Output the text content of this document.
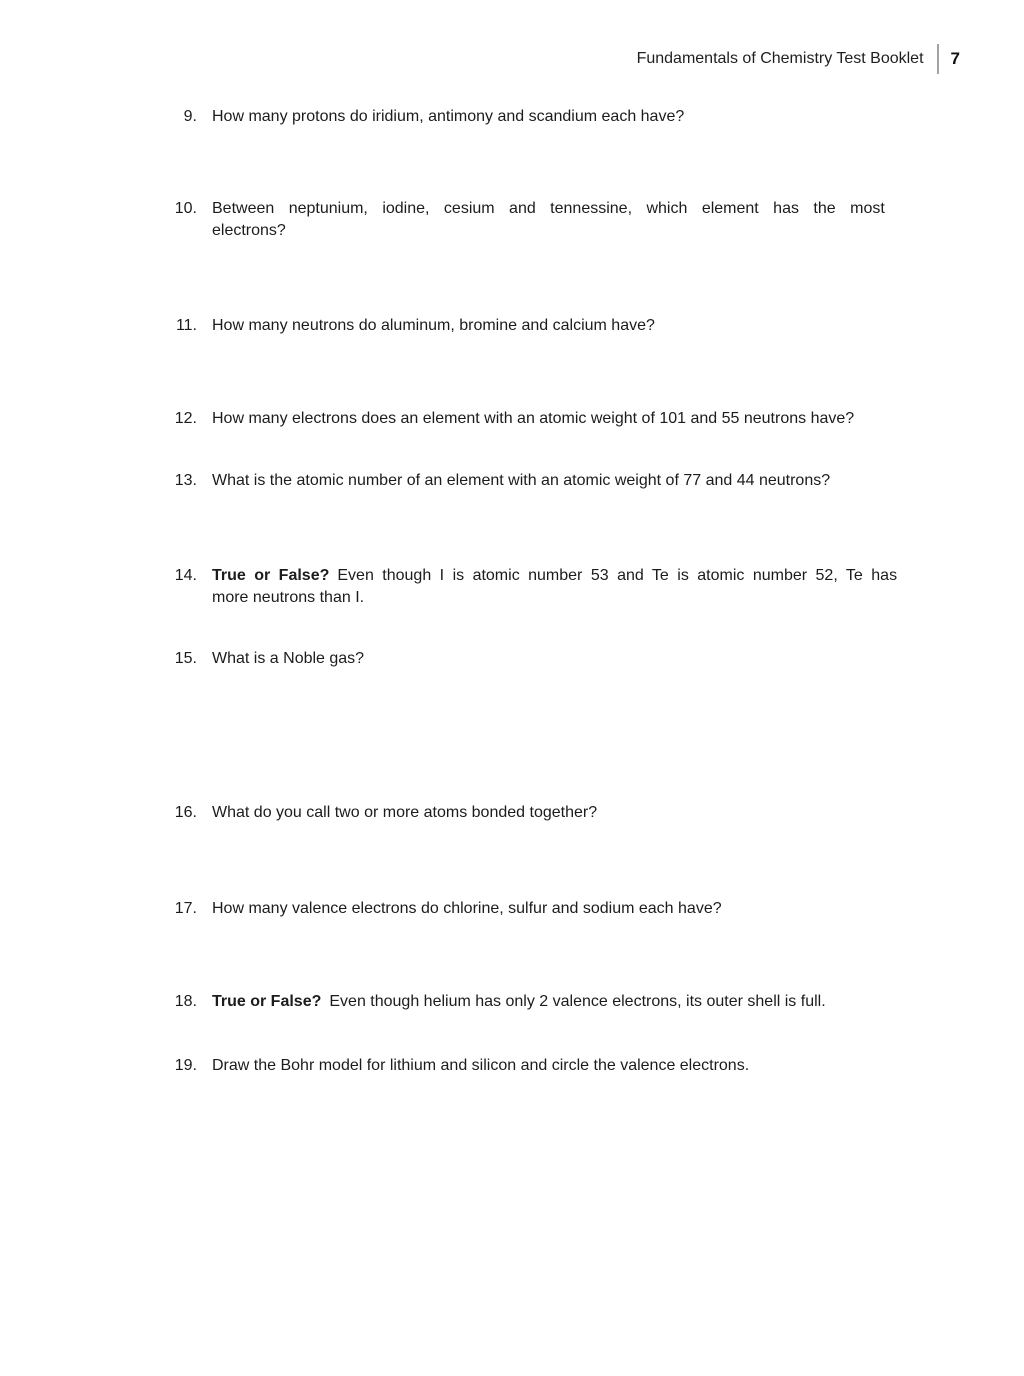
Fundamentals of Chemistry Test Booklet 7
9. How many protons do iridium, antimony and scandium each have?
10. Between neptunium, iodine, cesium and tennessine, which element has the most
electrons?
11. How many neutrons do aluminum, bromine and calcium have?
12. How many electrons does an element with an atomic weight of 101 and 55 neutrons have?
13. What is the atomic number of an element with an atomic weight of 77 and 44 neutrons?
14. True or False? Even though I is atomic number 53 and Te is atomic number 52, Te has
more neutrons than I.
15. What is a Noble gas?
16. What do you call two or more atoms bonded together?
17. How many valence electrons do chlorine, sulfur and sodium each have?
18. True or False? Even though helium has only 2 valence electrons, its outer shell is full.
19. Draw the Bohr model for lithium and silicon and circle the valence electrons.
